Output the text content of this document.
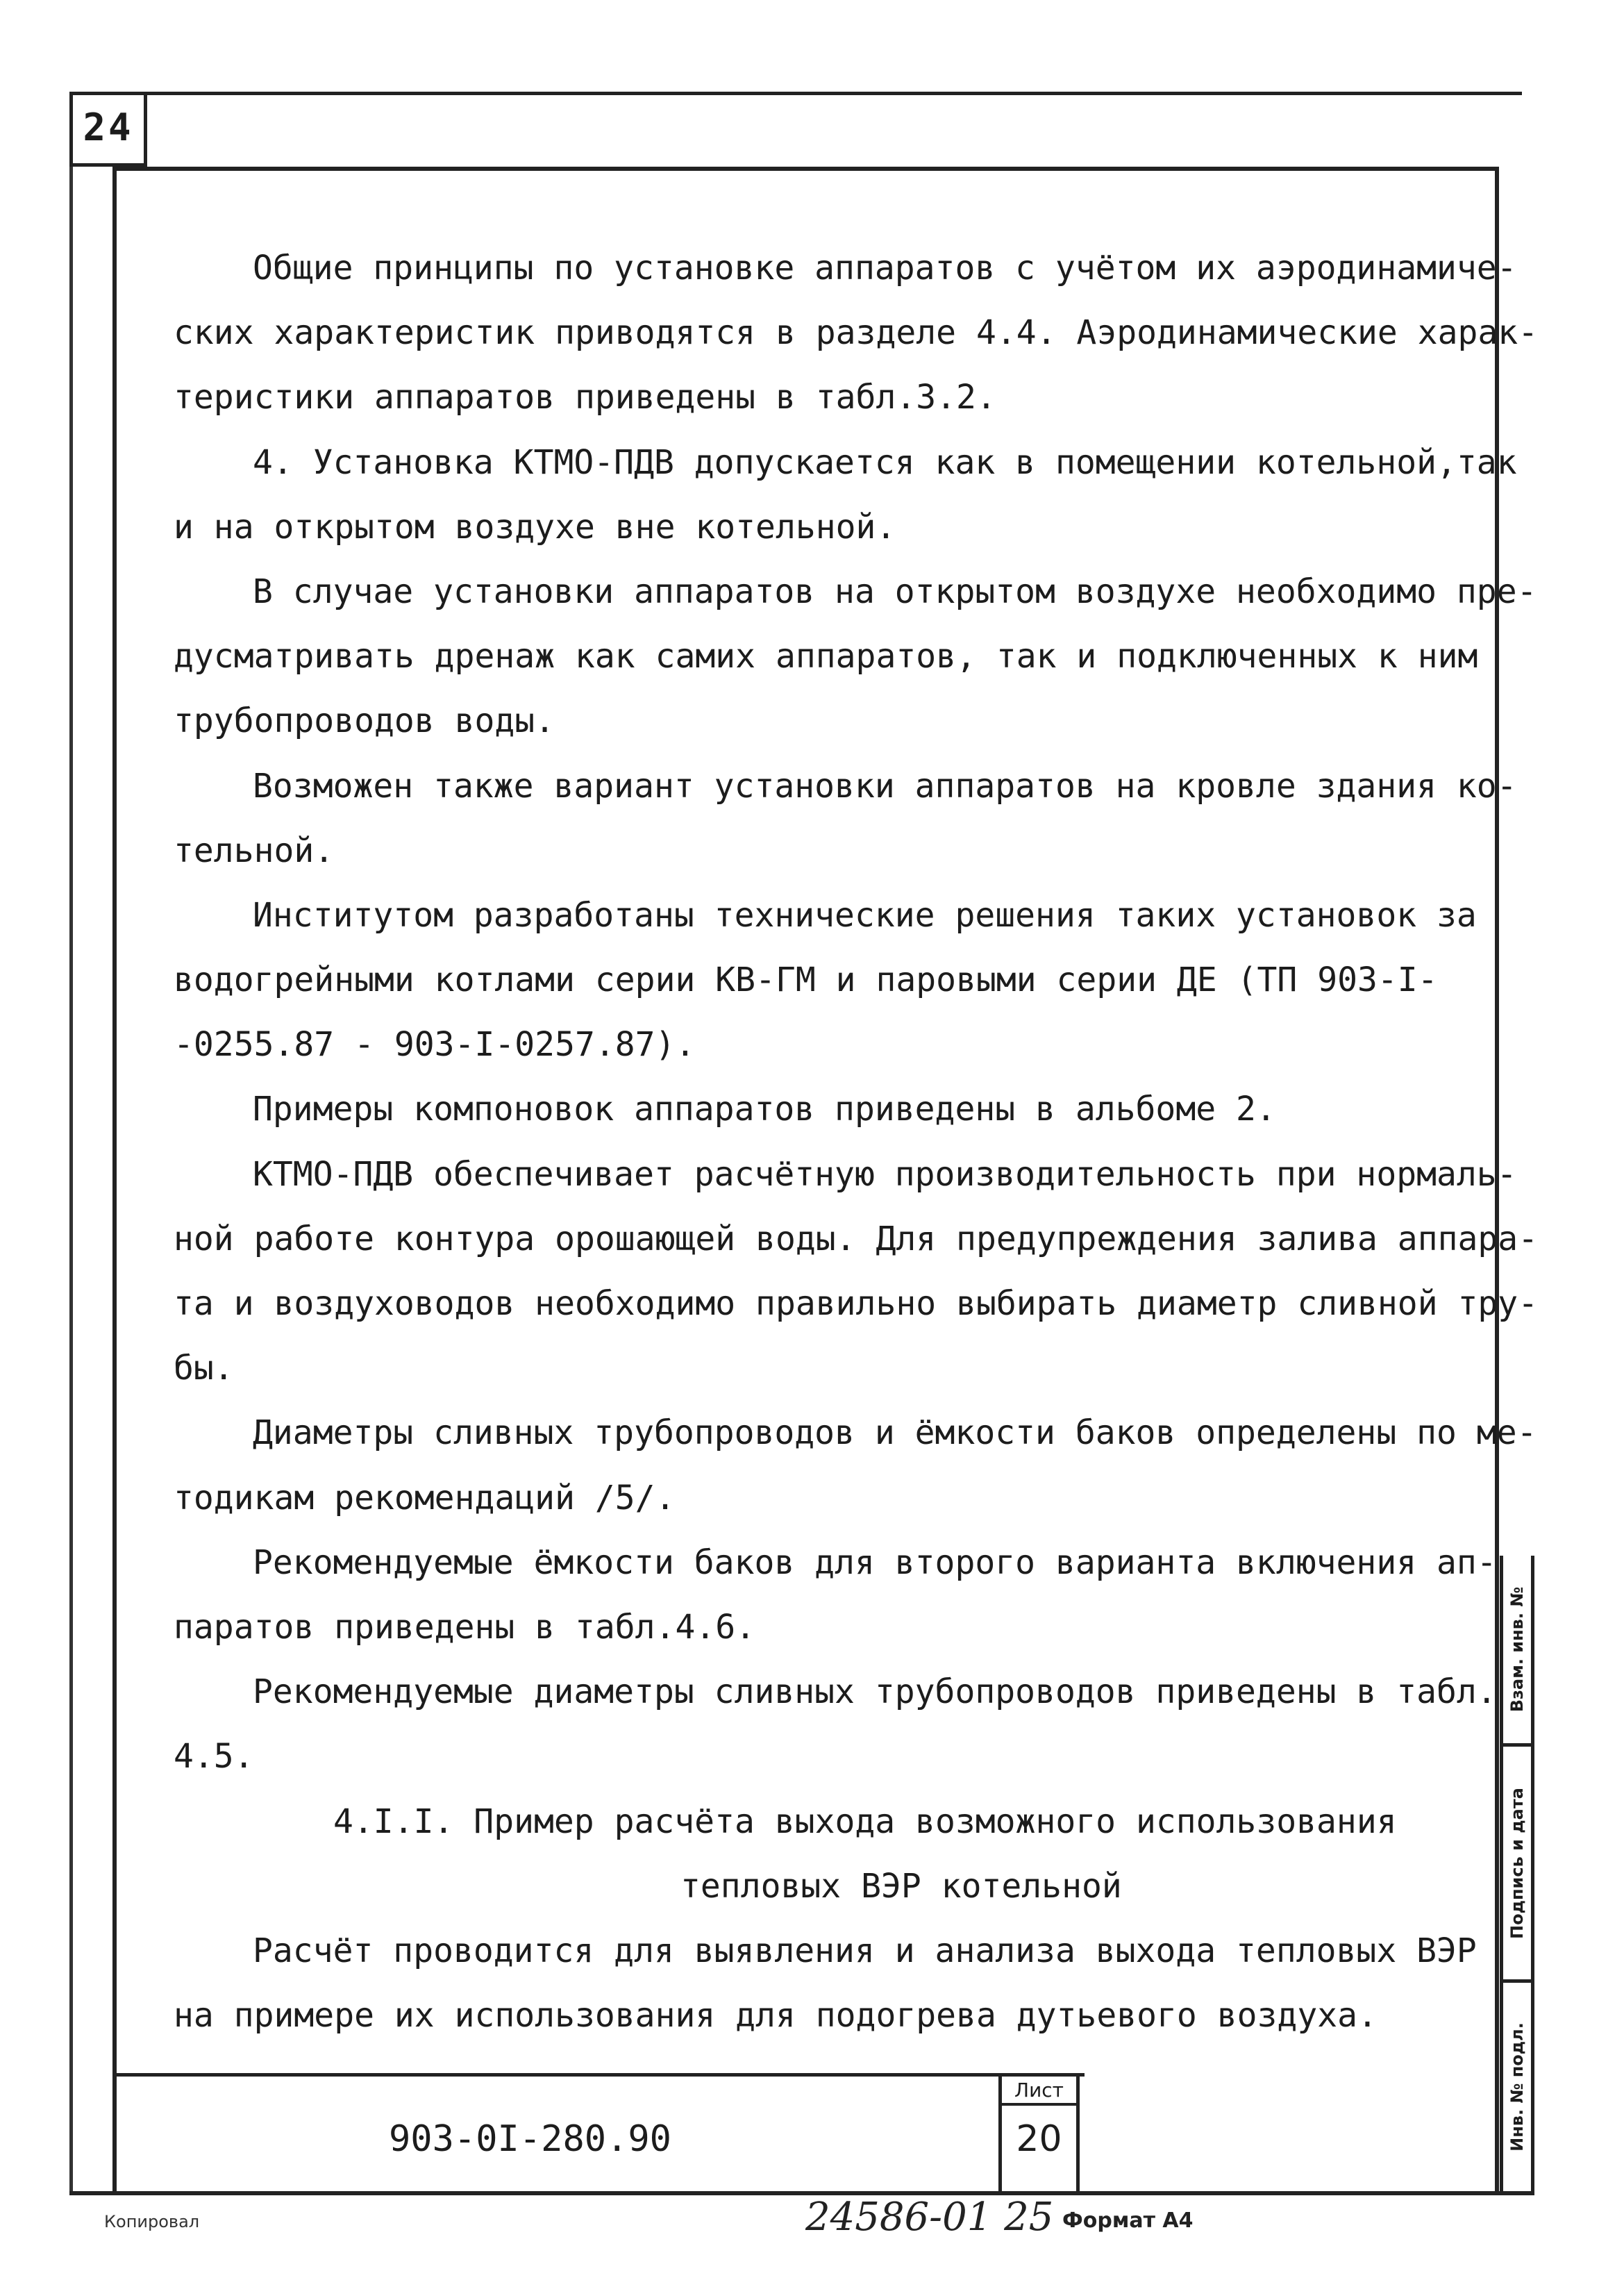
24
Общие принципы по установке аппаратов с учётом их аэродинамиче-
ских характеристик приводятся в разделе 4.4. Аэродинамические харак-
теристики аппаратов приведены в табл.3.2.
4. Установка КТМО-ПДВ допускается как в помещении котельной,так
и на открытом воздухе вне котельной.
В случае установки аппаратов на открытом воздухе необходимо пре-
дусматривать дренаж как самих аппаратов, так и подключенных к ним
трубопроводов воды.
Возможен также вариант установки аппаратов на кровле здания ко-
тельной.
Институтом разработаны технические решения таких установок за
водогрейными котлами серии КВ-ГМ и паровыми серии ДЕ (ТП 903-I-
-0255.87 - 903-I-0257.87).
Примеры компоновок аппаратов приведены в альбоме 2.
КТМО-ПДВ обеспечивает расчётную производительность при нормаль-
ной работе контура орошающей воды. Для предупреждения залива аппара-
та и воздуховодов необходимо правильно выбирать диаметр сливной тру-
бы.
Диаметры сливных трубопроводов и ёмкости баков определены по ме-
тодикам рекомендаций /5/.
Рекомендуемые ёмкости баков для второго варианта включения ап-
паратов приведены в табл.4.6.
Рекомендуемые диаметры сливных трубопроводов приведены в табл.
4.5.
4.I.I. Пример расчёта выхода возможного использования
тепловых ВЭР котельной
Расчёт проводится для выявления и анализа выхода тепловых ВЭР
на примере их использования для подогрева дутьевого воздуха.
903-0I-280.90
Лист
20
Взам. инв. №
Подпись и дата
Инв. № подл.
Копировал	24586-01 25 Формат А4
